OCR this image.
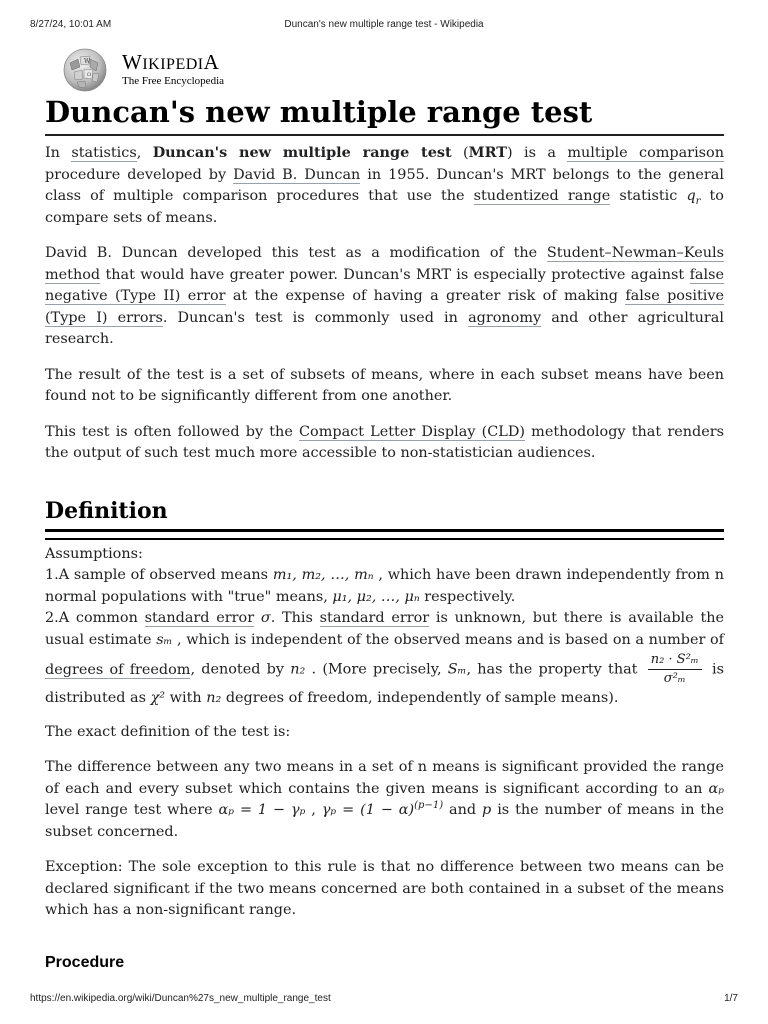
8/27/24, 10:01 AM	Duncan's new multiple range test - Wikipedia
W
Ω
WIKIPEDIA
The Free Encyclopedia
Duncan's new multiple range test

In statistics, Duncan's new multiple range test (MRT) is a multiple comparison procedure developed by David B. Duncan in 1955. Duncan's MRT belongs to the general class of multiple comparison procedures that use the studentized range statistic $q_r$ to compare sets of means.

David B. Duncan developed this test as a modification of the Student–Newman–Keuls method that would have greater power. Duncan's MRT is especially protective against false negative (Type II) error at the expense of having a greater risk of making false positive (Type I) errors. Duncan's test is commonly used in agronomy and other agricultural research.

The result of the test is a set of subsets of means, where in each subset means have been found not to be significantly different from one another.

This test is often followed by the Compact Letter Display (CLD) methodology that renders the output of such test much more accessible to non-statistician audiences.

Definition

Assumptions:

1.A sample of observed means m₁, m₂, …, mₙ , which have been drawn independently from n normal populations with "true" means, μ₁, μ₂, …, μₙ respectively.

2.A common standard error σ. This standard error is unknown, but there is available the usual estimate sₘ , which is independent of the observed means and is based on a number of degrees of freedom, denoted by n₂ . (More precisely, Sₘ, has the property that $\frac{\text{n₂ · S²ₘ}}{\text{σ²ₘ}}$ is distributed as χ² with n₂ degrees of freedom, independently of sample means).

The exact definition of the test is:

The difference between any two means in a set of n means is significant provided the range of each and every subset which contains the given means is significant according to an αₚ level range test where αₚ = 1 − γₚ , $\gamma_p = (1 - \alpha)^{(p-1)}$ and p is the number of means in the subset concerned.

Exception: The sole exception to this rule is that no difference between two means can be declared significant if the two means concerned are both contained in a subset of the means which has a non-significant range.

Procedure
https://en.wikipedia.org/wiki/Duncan%27s_new_multiple_range_test	1/7
